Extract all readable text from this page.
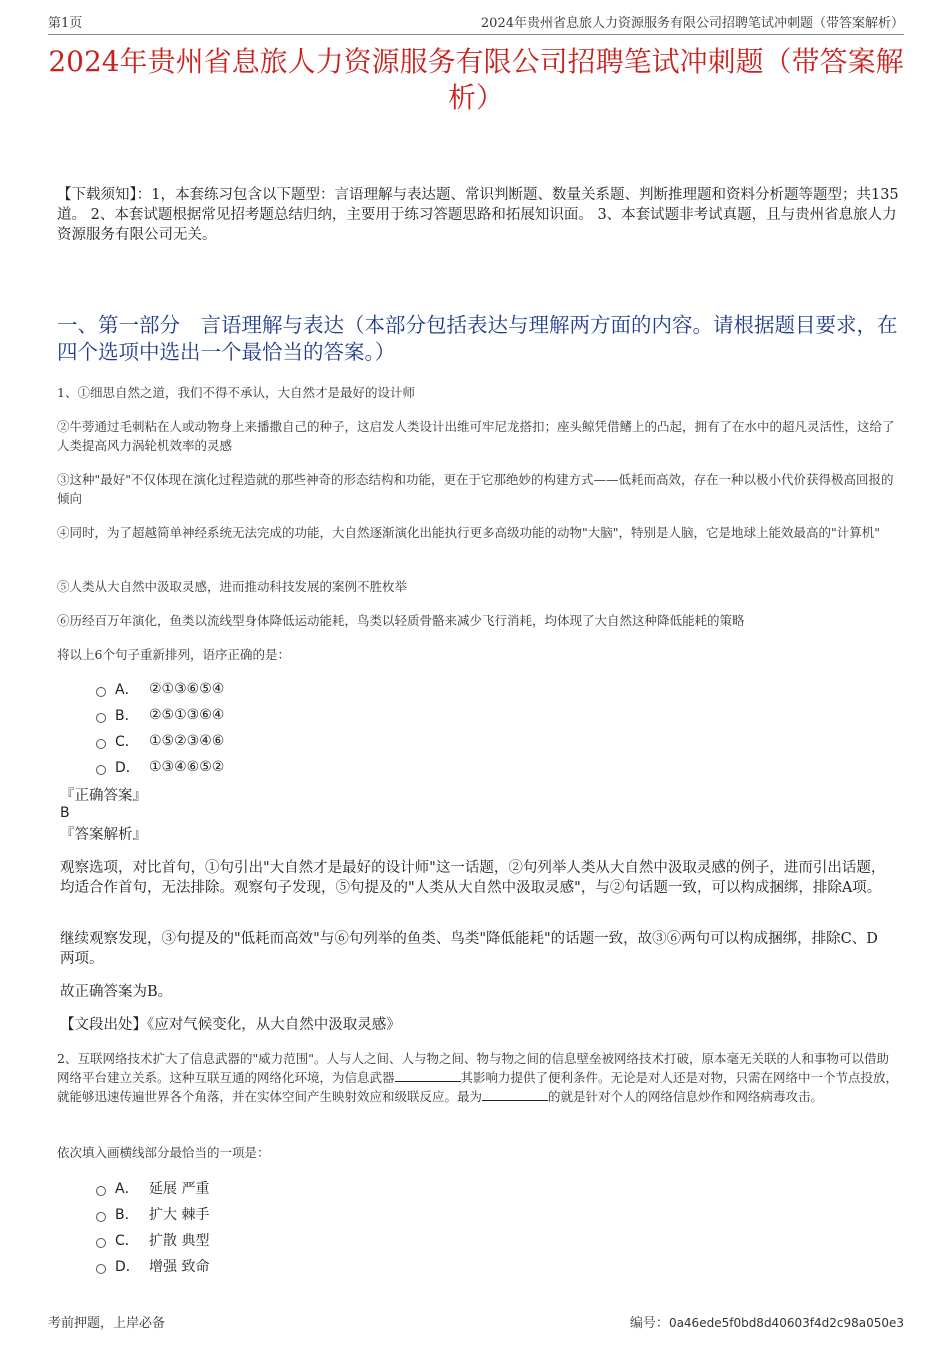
第1页	2024年贵州省息旅人力资源服务有限公司招聘笔试冲刺题（带答案解析）
2024年贵州省息旅人力资源服务有限公司招聘笔试冲刺题（带答案解析）

【下载须知】：1，本套练习包含以下题型：言语理解与表达题、常识判断题、数量关系题、判断推理题和资料分析题等题型；共135道。 2、本套试题根据常见招考题总结归纳，主要用于练习答题思路和拓展知识面。 3、本套试题非考试真题，且与贵州省息旅人力资源服务有限公司无关。

一、第一部分　言语理解与表达（本部分包括表达与理解两方面的内容。请根据题目要求，在四个选项中选出一个最恰当的答案。）

1、①细思自然之道，我们不得不承认，大自然才是最好的设计师

②牛蒡通过毛刺粘在人或动物身上来播撒自己的种子，这启发人类设计出维可牢尼龙搭扣；座头鲸凭借鳍上的凸起，拥有了在水中的超凡灵活性，这给了人类提高风力涡轮机效率的灵感

③这种"最好"不仅体现在演化过程造就的那些神奇的形态结构和功能，更在于它那绝妙的构建方式——低耗而高效，存在一种以极小代价获得极高回报的倾向

④同时，为了超越简单神经系统无法完成的功能，大自然逐渐演化出能执行更多高级功能的动物"大脑"，特别是人脑，它是地球上能效最高的"计算机"

⑤人类从大自然中汲取灵感，进而推动科技发展的案例不胜枚举

⑥历经百万年演化，鱼类以流线型身体降低运动能耗，鸟类以轻质骨骼来减少飞行消耗，均体现了大自然这种降低能耗的策略

将以上6个句子重新排列，语序正确的是：

A． ②①③⑥⑤④
B． ②⑤①③⑥④
C． ①⑤②③④⑥
D． ①③④⑥⑤②

『正确答案』

B

『答案解析』

观察选项，对比首句，①句引出"大自然才是最好的设计师"这一话题，②句列举人类从大自然中汲取灵感的例子，进而引出话题，均适合作首句，无法排除。观察句子发现，⑤句提及的"人类从大自然中汲取灵感"，与②句话题一致，可以构成捆绑，排除A项。

继续观察发现，③句提及的"低耗而高效"与⑥句列举的鱼类、鸟类"降低能耗"的话题一致，故③⑥两句可以构成捆绑，排除C、D两项。

故正确答案为B。

【文段出处】《应对气候变化，从大自然中汲取灵感》

2、互联网络技术扩大了信息武器的"威力范围"。人与人之间、人与物之间、物与物之间的信息壁垒被网络技术打破，原本毫无关联的人和事物可以借助网络平台建立关系。这种互联互通的网络化环境，为信息武器	其影响力提供了便利条件。无论是对人还是对物，只需在网络中一个节点投放，就能够迅速传遍世界各个角落，并在实体空间产生映射效应和级联反应。最为	的就是针对个人的网络信息炒作和网络病毒攻击。

依次填入画横线部分最恰当的一项是：

A． 延展 严重
B． 扩大 棘手
C． 扩散 典型
D． 增强 致命
考前押题，上岸必备	编号：0a46ede5f0bd8d40603f4d2c98a050e3
